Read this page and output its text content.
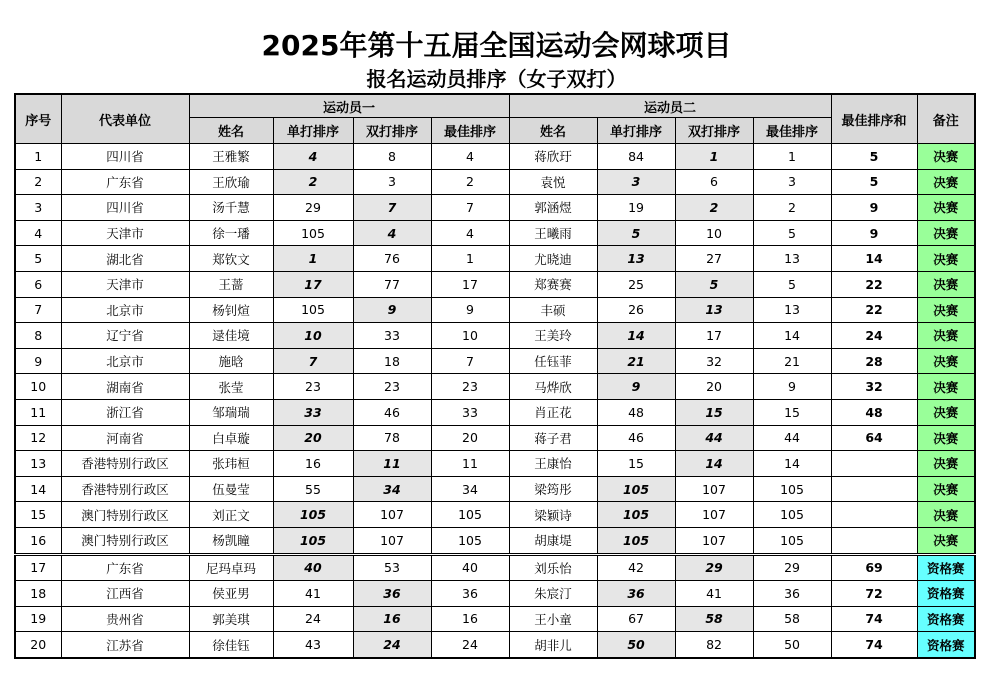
2025年第十五届全国运动会网球项目
报名运动员排序（女子双打）
序号	代表单位	运动员一				运动员二				最佳排序和	备注
		姓名	单打排序	双打排序	最佳排序	姓名	单打排序	双打排序	最佳排序		
1	四川省	王雅繁	4	8	4	蒋欣玗	84	1	1	5	决赛
2	广东省	王欣瑜	2	3	2	袁悦	3	6	3	5	决赛
3	四川省	汤千慧	29	7	7	郭涵煜	19	2	2	9	决赛
4	天津市	徐一璠	105	4	4	王曦雨	5	10	5	9	决赛
5	湖北省	郑钦文	1	76	1	尤晓迪	13	27	13	14	决赛
6	天津市	王蔷	17	77	17	郑赛赛	25	5	5	22	决赛
7	北京市	杨钊煊	105	9	9	丰硕	26	13	13	22	决赛
8	辽宁省	逯佳境	10	33	10	王美玲	14	17	14	24	决赛
9	北京市	施晗	7	18	7	任钰菲	21	32	21	28	决赛
10	湖南省	张莹	23	23	23	马烨欣	9	20	9	32	决赛
11	浙江省	邹瑞瑞	33	46	33	肖正花	48	15	15	48	决赛
12	河南省	白卓璇	20	78	20	蒋子君	46	44	44	64	决赛
13	香港特别行政区	张玮桓	16	11	11	王康怡	15	14	14		决赛
14	香港特别行政区	伍曼莹	55	34	34	梁筠彤	105	107	105		决赛
15	澳门特别行政区	刘正文	105	107	105	梁颖诗	105	107	105		决赛
16	澳门特别行政区	杨凯瞳	105	107	105	胡康堤	105	107	105		决赛
17	广东省	尼玛卓玛	40	53	40	刘乐怡	42	29	29	69	资格赛
18	江西省	侯亚男	41	36	36	朱宸汀	36	41	36	72	资格赛
19	贵州省	郭美琪	24	16	16	王小童	67	58	58	74	资格赛
20	江苏省	徐佳钰	43	24	24	胡非儿	50	82	50	74	资格赛
